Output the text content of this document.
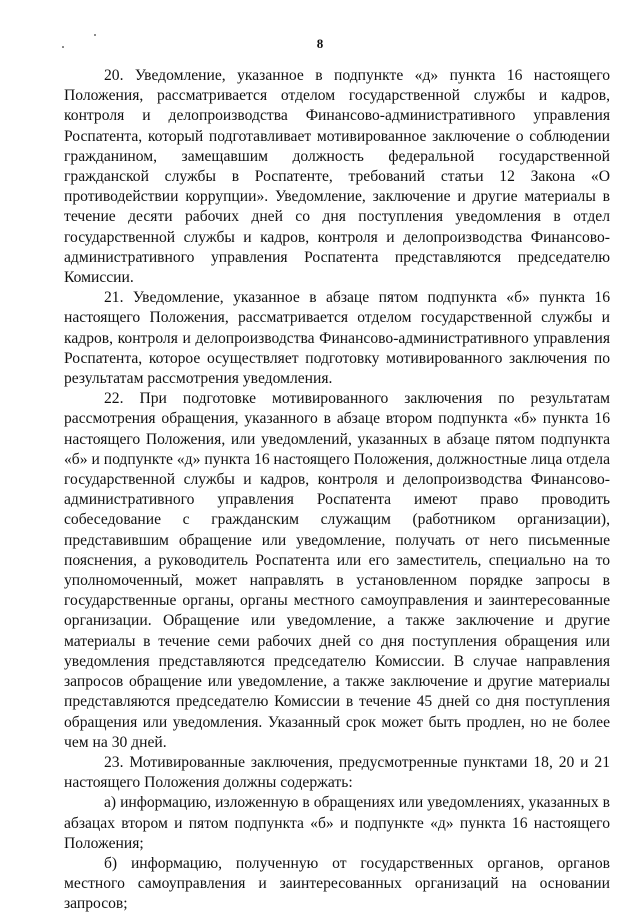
8

20. Уведомление, указанное в подпункте «д» пункта 16 настоящего Положения, рассматривается отделом государственной службы и кадров, контроля и делопроизводства Финансово-административного управления Роспатента, который подготавливает мотивированное заключение о соблюдении гражданином, замещавшим должность федеральной государственной гражданской службы в Роспатенте, требований статьи 12 Закона «О противодействии коррупции». Уведомление, заключение и другие материалы в течение десяти рабочих дней со дня поступления уведомления в отдел государственной службы и кадров, контроля и делопроизводства Финансово-административного управления Роспатента представляются председателю Комиссии.

21. Уведомление, указанное в абзаце пятом подпункта «б» пункта 16 настоящего Положения, рассматривается отделом государственной службы и кадров, контроля и делопроизводства Финансово-административного управления Роспатента, которое осуществляет подготовку мотивированного заключения по результатам рассмотрения уведомления.

22. При подготовке мотивированного заключения по результатам рассмотрения обращения, указанного в абзаце втором подпункта «б» пункта 16 настоящего Положения, или уведомлений, указанных в абзаце пятом подпункта «б» и подпункте «д» пункта 16 настоящего Положения, должностные лица отдела государственной службы и кадров, контроля и делопроизводства Финансово-административного управления Роспатента имеют право проводить собеседование с гражданским служащим (работником организации), представившим обращение или уведомление, получать от него письменные пояснения, а руководитель Роспатента или его заместитель, специально на то уполномоченный, может направлять в установленном порядке запросы в государственные органы, органы местного самоуправления и заинтересованные организации. Обращение или уведомление, а также заключение и другие материалы в течение семи рабочих дней со дня поступления обращения или уведомления представляются председателю Комиссии. В случае направления запросов обращение или уведомление, а также заключение и другие материалы представляются председателю Комиссии в течение 45 дней со дня поступления обращения или уведомления. Указанный срок может быть продлен, но не более чем на 30 дней.

23. Мотивированные заключения, предусмотренные пунктами 18, 20 и 21 настоящего Положения должны содержать:

а) информацию, изложенную в обращениях или уведомлениях, указанных в абзацах втором и пятом подпункта «б» и подпункте «д» пункта 16 настоящего Положения;

б) информацию, полученную от государственных органов, органов местного самоуправления и заинтересованных организаций на основании запросов;
